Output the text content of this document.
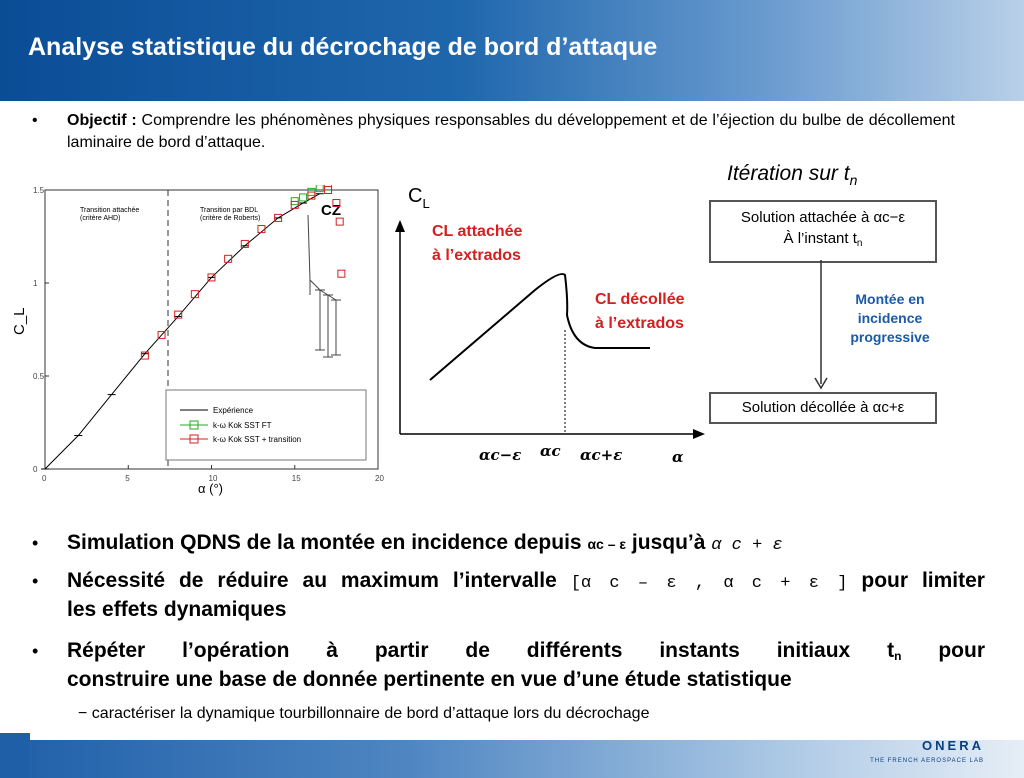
Analyse statistique du décrochage de bord d’attaque
• Objectif : Comprendre les phénomènes physiques responsables du développement et de l’éjection du bulbe de décollement laminaire de bord d’attaque.
0	5	10	15	20
0
0.5
1
1.5
Transition attachée
(critère AHD)
Transition par BDL
(critère de Roberts)	CZ
Expérience
k-ω Kok SST FT
k-ω Kok SST + transition
C_L
α (°)
CL attachée
à l’extrados
CL décollée
à l’extrados
αc−ε αc αc+ε	α
$C_L$
Itération sur $t_n$
Solution attachée à αc−ε
À l’instant $t_n$
Montée en
incidence
progressive
Solution décollée à αc+ε
• Simulation QDNS de la montée en incidence depuis αc – ε jusqu’à α c + ε
• Nécessité de réduire au maximum l’intervalle [α c – ε , α c + ε ] pour limiter
les effets dynamiques
• Répéter l’opération à partir de différents instants initiaux $t_n$ pour
construire une base de donnée pertinente en vue d’une étude statistique
− caractériser la dynamique tourbillonnaire de bord d’attaque lors du décrochage
ONERA
THE FRENCH AEROSPACE LAB
